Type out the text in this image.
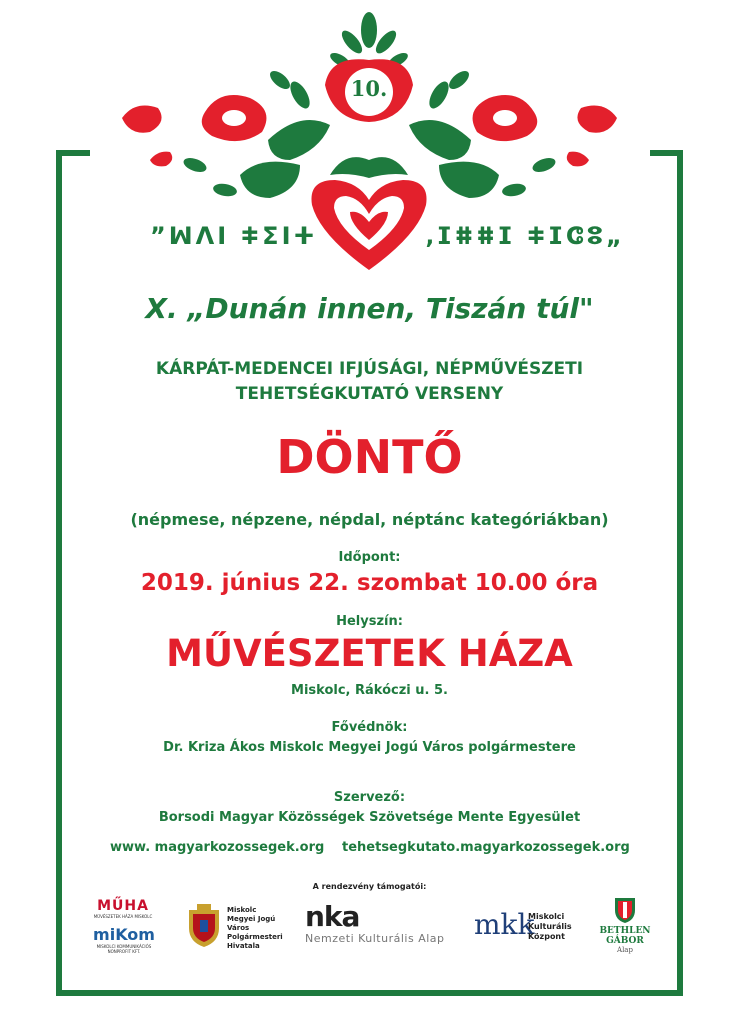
10.
”ꟽⴷⵏ ⵐⵉⵏⵜ	‚ⵊⵌⵌⵊ ⵐⵊⵛⵓ„
X. „Dunán innen, Tiszán túl"
KÁRPÁT-MEDENCEI IFJÚSÁGI, NÉPMŰVÉSZETI
TEHETSÉGKUTATÓ VERSENY
DÖNTŐ
(népmese, népzene, népdal, néptánc kategóriákban)
Időpont:
2019. június 22. szombat 10.00 óra
Helyszín:
MŰVÉSZETEK HÁZA
Miskolc, Rákóczi u. 5.
Fővédnök:
Dr. Kriza Ákos Miskolc Megyei Jogú Város polgármestere
Szervező:
Borsodi Magyar Közösségek Szövetsége Mente Egyesület
www. magyarkozossegek.org tehetsegkutato.magyarkozossegek.org
A rendezvény támogatói:
MŰHA
MŰVÉSZETEK HÁZA MISKOLC
miKom
MISKOLCI KOMMUNIKÁCIÓS
NONPROFIT KFT.
Miskolc
Megyei Jogú Város
Polgármesteri
Hivatala
nka
Nemzeti Kulturális Alap	mkk
Miskolci
Kulturális
Központ
BETHLEN GÁBOR
Alap
